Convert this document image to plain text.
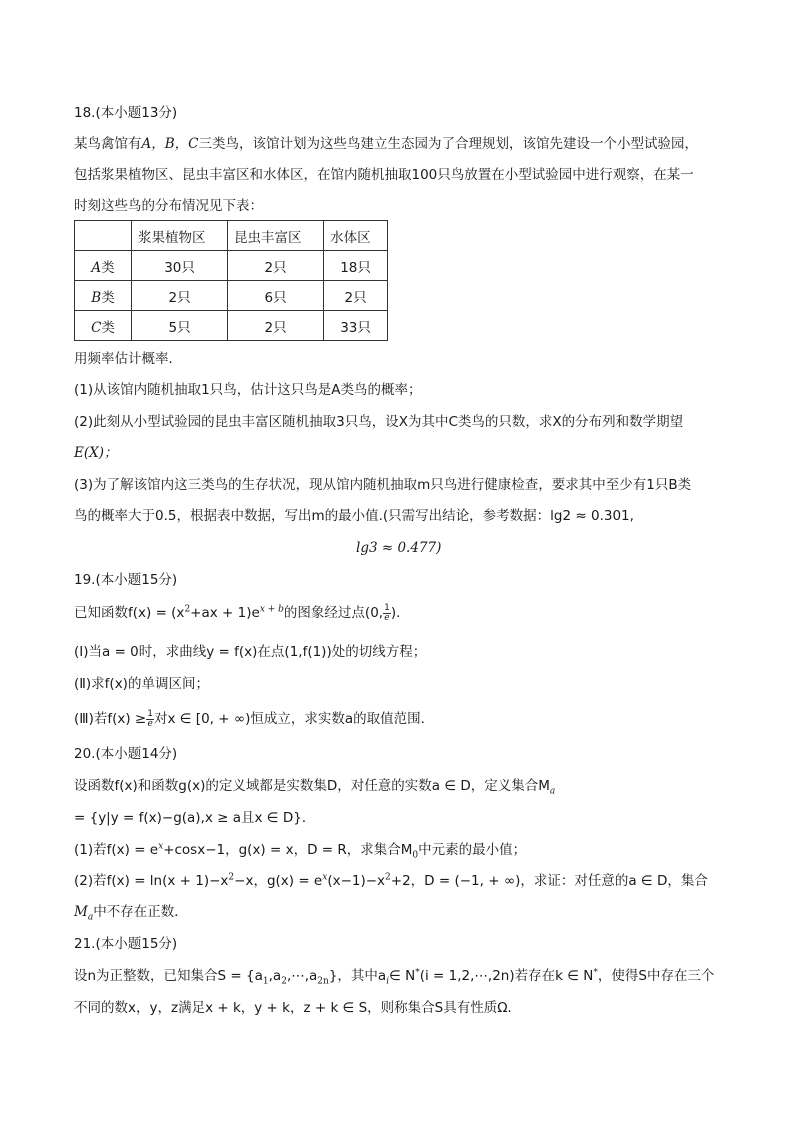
18.(本小题13分)
某鸟禽馆有A，B，C三类鸟，该馆计划为这些鸟建立生态园为了合理规划，该馆先建设一个小型试验园，
包括浆果植物区、昆虫丰富区和水体区，在馆内随机抽取100只鸟放置在小型试验园中进行观察，在某一
时刻这些鸟的分布情况见下表：
	浆果植物区	昆虫丰富区	水体区
A类	30只	2只	18只
B类	2只	6只	2只
C类	5只	2只	33只
用频率估计概率．
(1)从该馆内随机抽取1只鸟，估计这只鸟是A类鸟的概率；
(2)此刻从小型试验园的昆虫丰富区随机抽取3只鸟，设X为其中C类鸟的只数，求X的分布列和数学期望
E(X)；
(3)为了解该馆内这三类鸟的生存状况，现从馆内随机抽取m只鸟进行健康检查，要求其中至少有1只B类
鸟的概率大于0.5，根据表中数据，写出m的最小值.(只需写出结论，参考数据：lg2 ≈ 0.301,
lg3 ≈ 0.477)
19.(本小题15分)
已知函数$f(x) = (x^2+ax + 1)e^{x + b}$的图象经过点(0, $\frac{1}{e}$ )．
(I)当a = 0时，求曲线y = f(x)在点(1,f(1))处的切线方程；
(Ⅱ)求f(x)的单调区间；
(Ⅲ)若$f(x) \ge \frac{1}{e}$ 对x ∈ [0, + ∞)恒成立，求实数a的取值范围．
20.(本小题14分)
设函数f(x)和函数g(x)的定义域都是实数集D，对任意的实数a ∈ D，定义集合$M_a$
= {y|y = f(x)−g(a),x ≥ a且x ∈ D}．
(1)若$f(x) = e^x+\cos x-1$，g(x) = x，D = R，求集合$M_0$中元素的最小值；
(2)若$f(x) = \ln(x + 1)-x^2-x$，$g(x) = e^x(x-1)-x^2+2$，D = (−1, + ∞)，求证：对任意的a ∈ D，集合
$M_a$中不存在正数．
21.(本小题15分)
设n为正整数，已知集合$S = \{a_1,a_2,\cdots,a_{2n}\}$，其中$a_i\in$ N*(i = 1,2,⋯,2n)若存在k ∈ N*，使得S中存在三个
不同的数x，y，z满足x + k，y + k，z + k ∈ S，则称集合S具有性质Ω．
